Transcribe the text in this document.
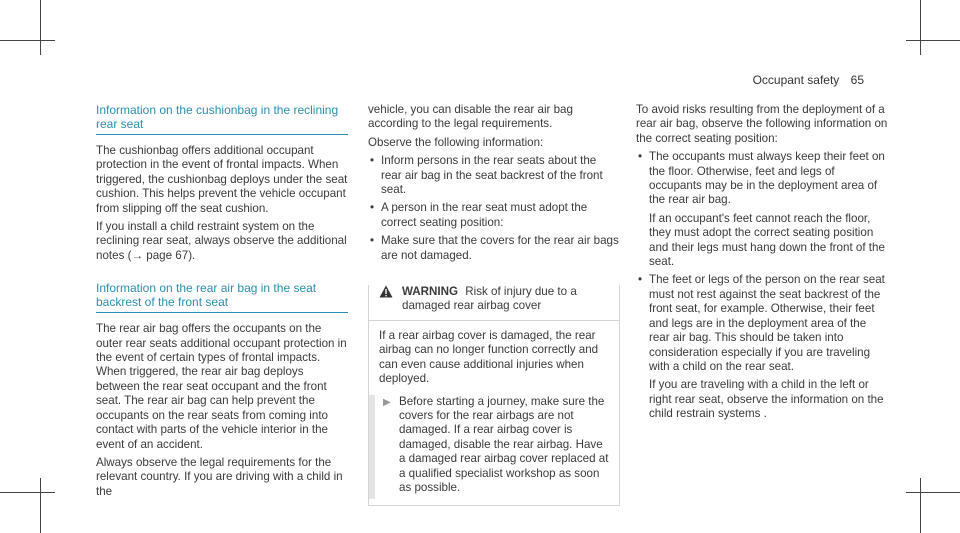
Occupant safety 65
Information on the cushionbag in the reclining rear seat

The cushionbag offers additional occupant protection in the event of frontal impacts. When triggered, the cushionbag deploys under the seat cushion. This helps prevent the vehicle occupant from slipping off the seat cushion.

If you install a child restraint system on the reclining rear seat, always observe the additional notes (→ page 67).

Information on the rear air bag in the seat backrest of the front seat

The rear air bag offers the occupants on the outer rear seats additional occupant protection in the event of certain types of frontal impacts. When triggered, the rear air bag deploys between the rear seat occupant and the front seat. The rear air bag can help prevent the occupants on the rear seats from coming into contact with parts of the vehicle interior in the event of an accident.

Always observe the legal requirements for the relevant country. If you are driving with a child in the

vehicle, you can disable the rear air bag according to the legal requirements.

Observe the following information:

• Inform persons in the rear seats about the rear air bag in the seat backrest of the front seat.
• A person in the rear seat must adopt the correct seating position:
• Make sure that the covers for the rear air bags are not damaged.
WARNING Risk of injury due to a damaged rear airbag cover
If a rear airbag cover is damaged, the rear airbag can no longer function correctly and can even cause additional injuries when deployed.
▶ Before starting a journey, make sure the covers for the rear airbags are not damaged. If a rear airbag cover is damaged, disable the rear airbag. Have a damaged rear airbag cover replaced at a qualified specialist workshop as soon as possible.

To avoid risks resulting from the deployment of a rear air bag, observe the following information on the correct seating position:

• The occupants must always keep their feet on the floor. Otherwise, feet and legs of occupants may be in the deployment area of the rear air bag.
If an occupant's feet cannot reach the floor, they must adopt the correct seating position and their legs must hang down the front of the seat.
• The feet or legs of the person on the rear seat must not rest against the seat backrest of the front seat, for example. Otherwise, their feet and legs are in the deployment area of the rear air bag. This should be taken into consideration especially if you are traveling with a child on the rear seat.
If you are traveling with a child in the left or right rear seat, observe the information on the child restrain systems .
